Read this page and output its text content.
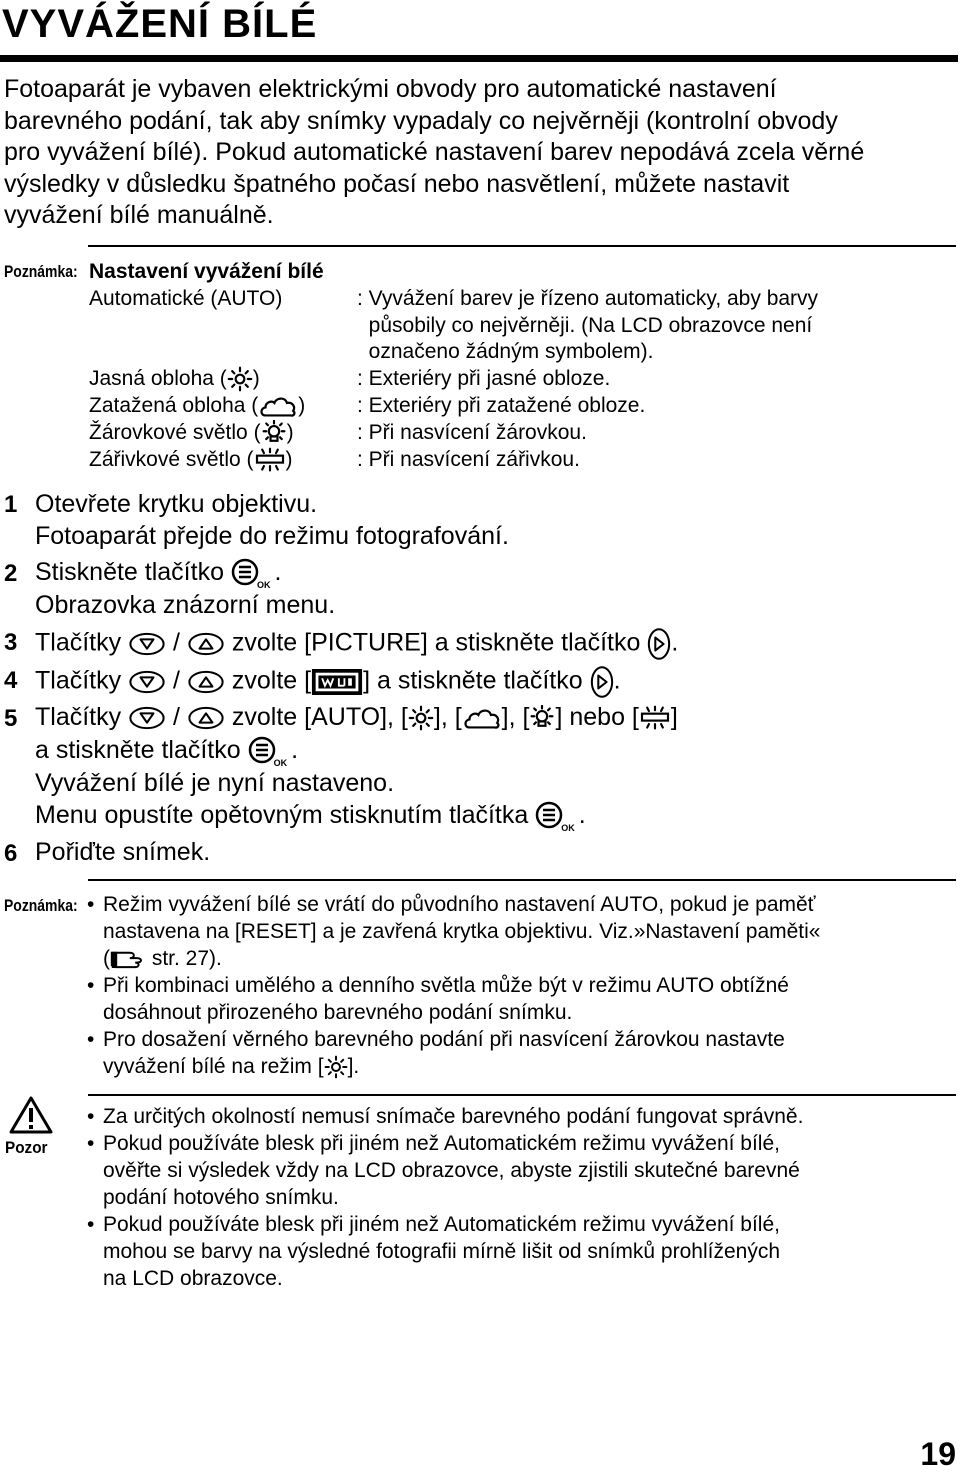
VYVÁŽENÍ BÍLÉ
Fotoaparát je vybaven elektrickými obvody pro automatické nastavení
barevného podání, tak aby snímky vypadaly co nejvěrněji (kontrolní obvody
pro vyvážení bílé). Pokud automatické nastavení barev nepodává zcela věrné
výsledky v důsledku špatného počasí nebo nasvětlení, můžete nastavit
vyvážení bílé manuálně.
Poznámka: Nastavení vyvážení bílé
Automatické (AUTO)	: Vyvážení barev je řízeno automaticky, aby barvy
působily co nejvěrněji. (Na LCD obrazovce není
označeno žádným symbolem).
Jasná obloha ( )	: Exteriéry při jasné obloze.
Zatažená obloha ( ) : Exteriéry při zatažené obloze.
Žárovkové světlo ( )	: Při nasvícení žárovkou.
Zářivkové světlo ( )	: Při nasvícení zářivkou.
1 Otevřete krytku objektivu.
Fotoaparát přejde do režimu fotografování.
2 Stiskněte tlačítko	$_{OK}$ .
Obrazovka znázorní menu.
3 Tlačítky / zvolte [PICTURE] a stiskněte tlačítko .
4 Tlačítky / zvolte [ ] a stiskněte tlačítko .
5 Tlačítky / zvolte [AUTO], [ ], [ ], [ ] nebo [ ]
a stiskněte tlačítko	$_{OK}$ .
Vyvážení bílé je nyní nastaveno.
Menu opustíte opětovným stisknutím tlačítka	$_{OK}$ .
6 Pořiďte snímek.
Poznámka: • Režim vyvážení bílé se vrátí do původního nastavení AUTO, pokud je paměť
nastavena na [RESET] a je zavřená krytka objektivu. Viz.»Nastavení paměti«
( str. 27).
• Při kombinaci umělého a denního světla může být v režimu AUTO obtížné
dosáhnout přirozeného barevného podání snímku.
• Pro dosažení věrného barevného podání při nasvícení žárovkou nastavte
vyvážení bílé na režim [ ].
Pozor
• Za určitých okolností nemusí snímače barevného podání fungovat správně.
• Pokud používáte blesk při jiném než Automatickém režimu vyvážení bílé,
ověřte si výsledek vždy na LCD obrazovce, abyste zjistili skutečné barevné
podání hotového snímku.
• Pokud používáte blesk při jiném než Automatickém režimu vyvážení bílé,
mohou se barvy na výsledné fotografii mírně lišit od snímků prohlížených
na LCD obrazovce.
19
